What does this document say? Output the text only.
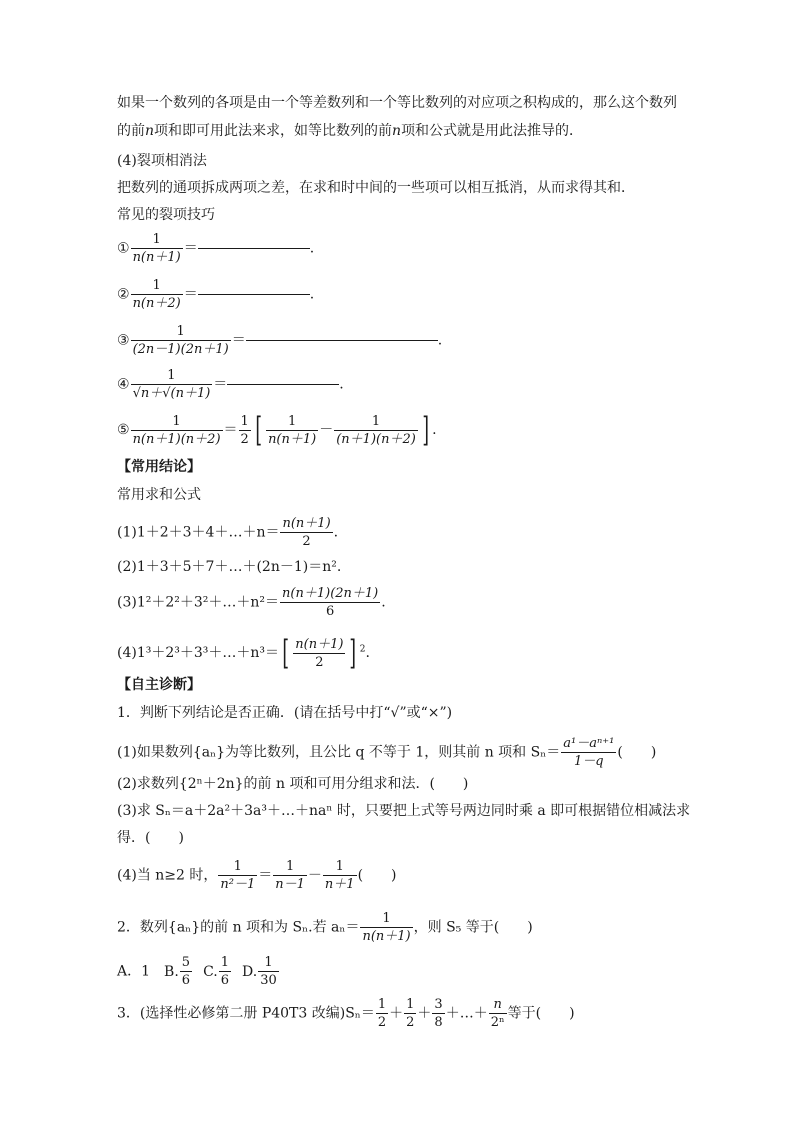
如果一个数列的各项是由一个等差数列和一个等比数列的对应项之积构成的，那么这个数列
的前n项和即可用此法来求，如等比数列的前n项和公式就是用此法推导的．
(4)裂项相消法
把数列的通项拆成两项之差，在求和时中间的一些项可以相互抵消，从而求得其和．
常见的裂项技巧
① $\frac{1}{n(n+1)}$ ＝	.
② $\frac{1}{n(n+2)}$ ＝	.
③ $\frac{1}{(2n-1)(2n+1)}$ ＝	.
④ $\frac{1}{√n+√(n+1)}$ ＝	.
⑤ $\frac{1}{n(n+1)(n+2)} = \frac{1}{2}$ [ $\frac{1}{n(n+1)} - \frac{1}{(n+1)(n+2)}$ ] .
【常用结论】
常用求和公式
(1)1＋2＋3＋4＋…＋n＝ $\frac{n(n+1)}{2}$ .
(2)1＋3＋5＋7＋…＋(2n－1)＝n².
(3)1²＋2²＋3²＋…＋n²＝ $\frac{n(n+1)(2n+1)}{6}$ .
(4)1³＋2³＋3³＋…＋n³＝[ $\frac{n(n+1)}{2}$ ] $^2$.
【自主诊断】
1．判断下列结论是否正确．(请在括号中打“√”或“×”)
(1)如果数列{aₙ}为等比数列，且公比 q 不等于 1，则其前 n 项和 $S_n= \frac{\text{a¹－aⁿ⁺¹}}{1-q}$ (　　)
(2)求数列{2ⁿ＋2n}的前 n 项和可用分组求和法．(　　)
(3)求 Sₙ＝a＋2a²＋3a³＋…＋naⁿ 时，只要把上式等号两边同时乘 a 即可根据错位相减法求
得．(　　)
(4)当 n≥2 时， $\frac{1}{\text{n²－1}} = \frac{1}{n-1} - \frac{1}{n+1}$ (　　)
2．数列{aₙ}的前 n 项和为 Sₙ.若 $a_n= \frac{1}{n(n+1)}$ ，则 S₅ 等于(　　)
A．1 B. $\frac{5}{6} C$. $\frac{1}{6} D$. $\frac{1}{30}$
3．(选择性必修第二册 P40T3 改编)$S_n= \frac{1}{2} + \frac{1}{2} + \frac{3}{8}$ ＋…＋ $\frac{n}{\text{2ⁿ}}$ 等于(　　)
